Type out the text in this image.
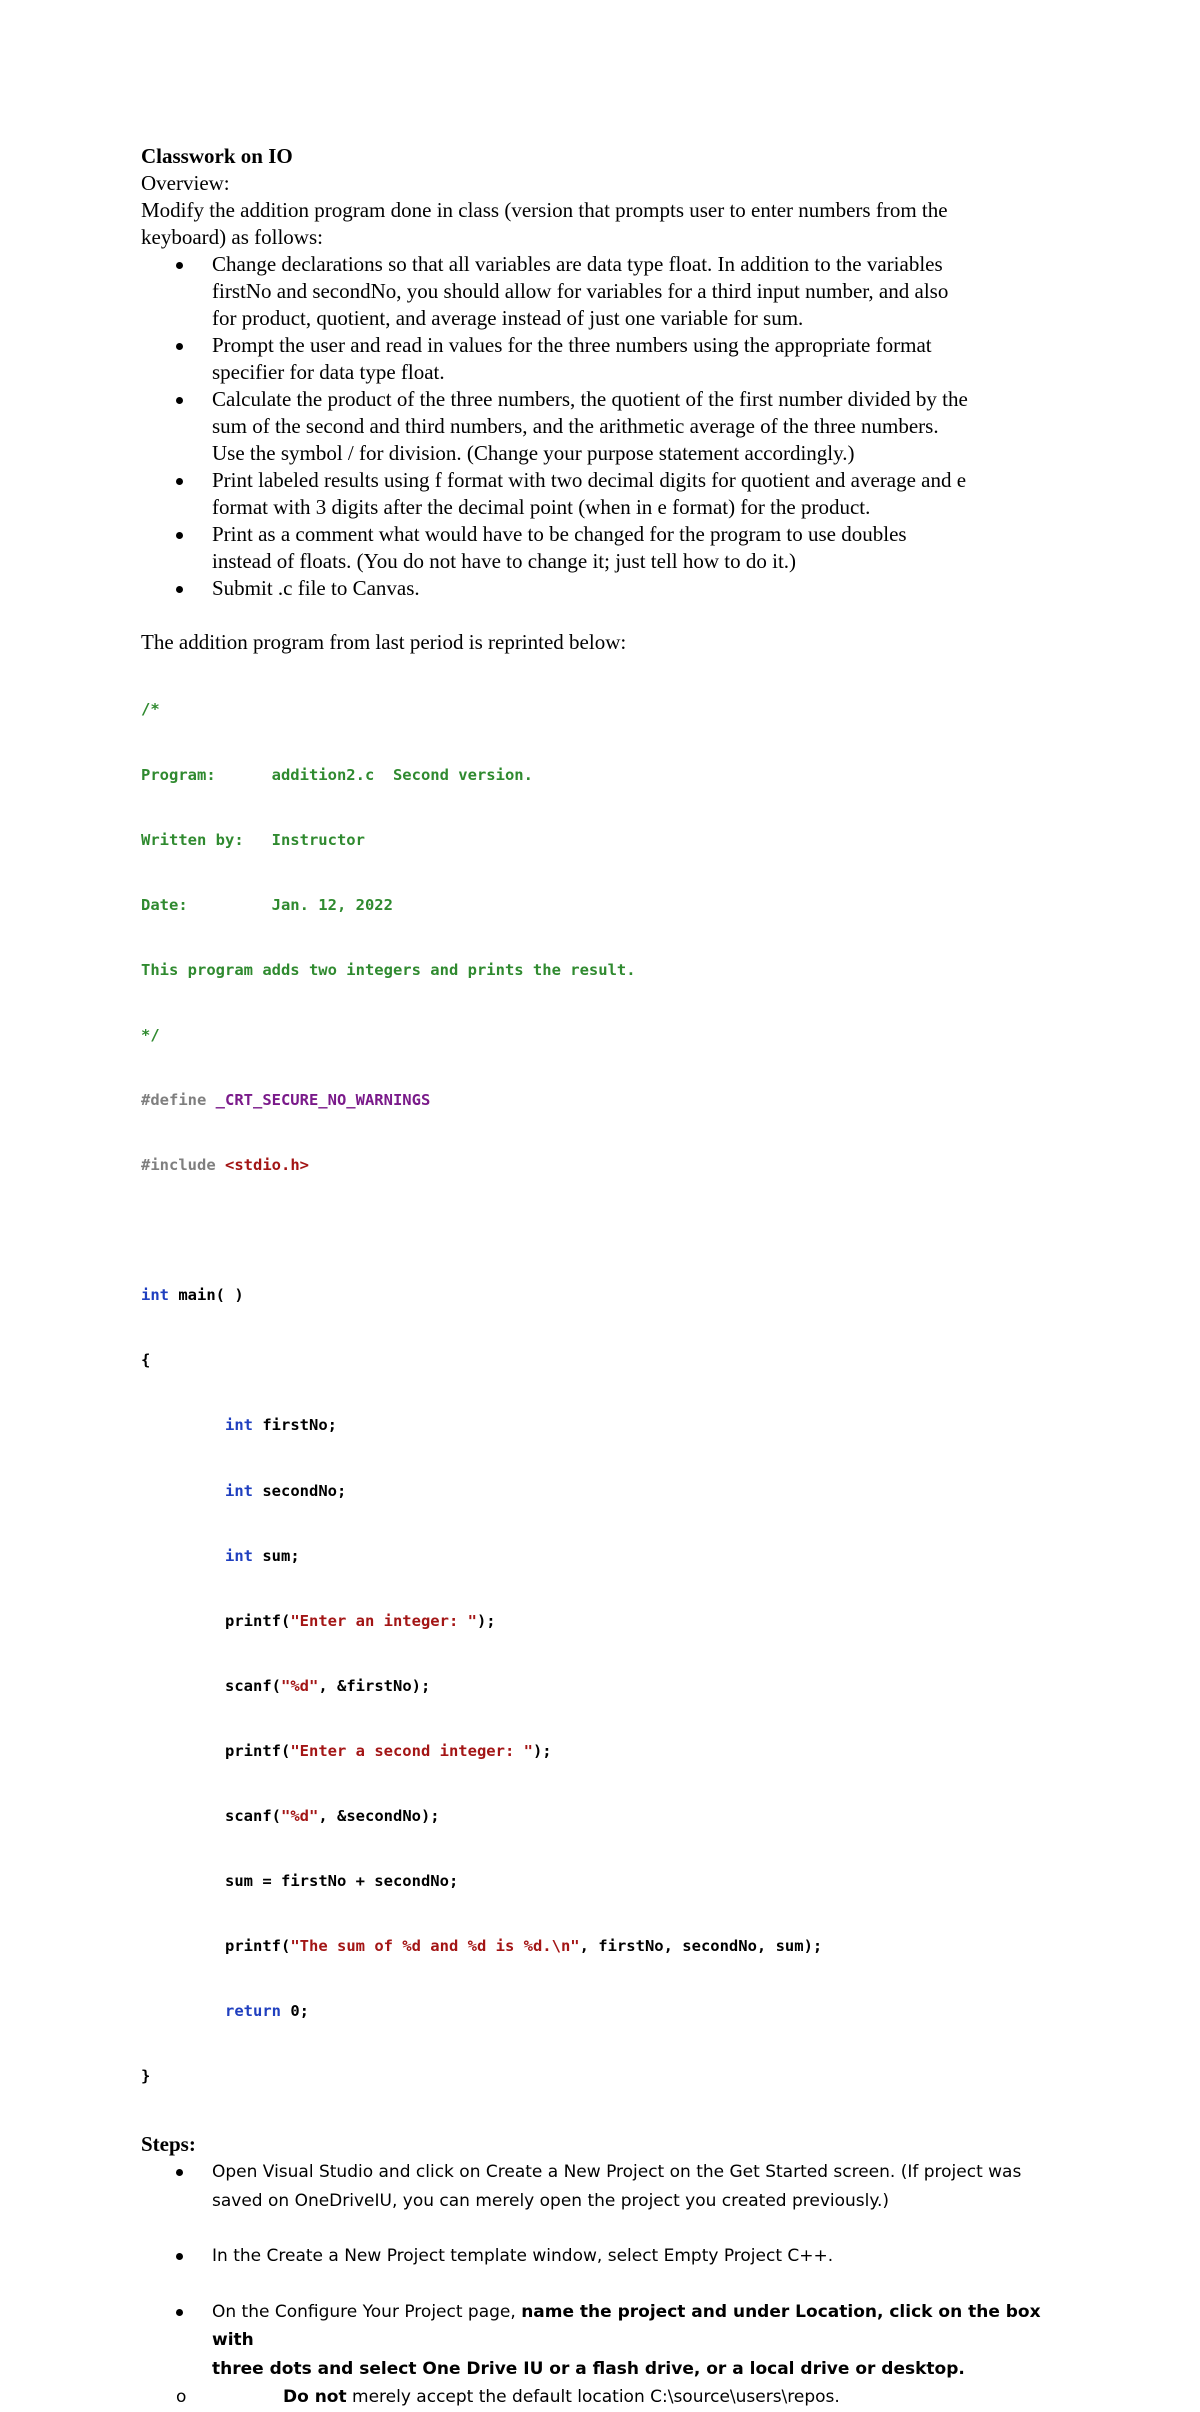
Classwork on IO

Overview:

Modify the addition program done in class (version that prompts user to enter numbers from the

keyboard) as follows:

Change declarations so that all variables are data type float. In addition to the variables
firstNo and secondNo, you should allow for variables for a third input number, and also
for product, quotient, and average instead of just one variable for sum.
Prompt the user and read in values for the three numbers using the appropriate format
specifier for data type float.
Calculate the product of the three numbers, the quotient of the first number divided by the
sum of the second and third numbers, and the arithmetic average of the three numbers.
Use the symbol / for division. (Change your purpose statement accordingly.)
Print labeled results using f format with two decimal digits for quotient and average and e
format with 3 digits after the decimal point (when in e format) for the product.
Print as a comment what would have to be changed for the program to use doubles
instead of floats. (You do not have to change it; just tell how to do it.)
Submit .c file to Canvas.

The addition program from last period is reprinted below:

/*

Program:      addition2.c  Second version.

Written by:   Instructor

Date:         Jan. 12, 2022

This program adds two integers and prints the result.

*/

#define _CRT_SECURE_NO_WARNINGS

#include <stdio.h>

int main( )

{

int firstNo;

int secondNo;

int sum;

printf("Enter an integer: ");

scanf("%d", &firstNo);

printf("Enter a second integer: ");

scanf("%d", &secondNo);

sum = firstNo + secondNo;

printf("The sum of %d and %d is %d.\n", firstNo, secondNo, sum);

return 0;

}

Steps:

Open Visual Studio and click on Create a New Project on the Get Started screen. (If project was
saved on OneDriveIU, you can merely open the project you created previously.)
In the Create a New Project template window, select Empty Project C++.
On the Configure Your Project page, name the project and under Location, click on the box with
three dots and select One Drive IU or a flash drive, or a local drive or desktop.
o	Do not merely accept the default location C:\source\users\repos.
